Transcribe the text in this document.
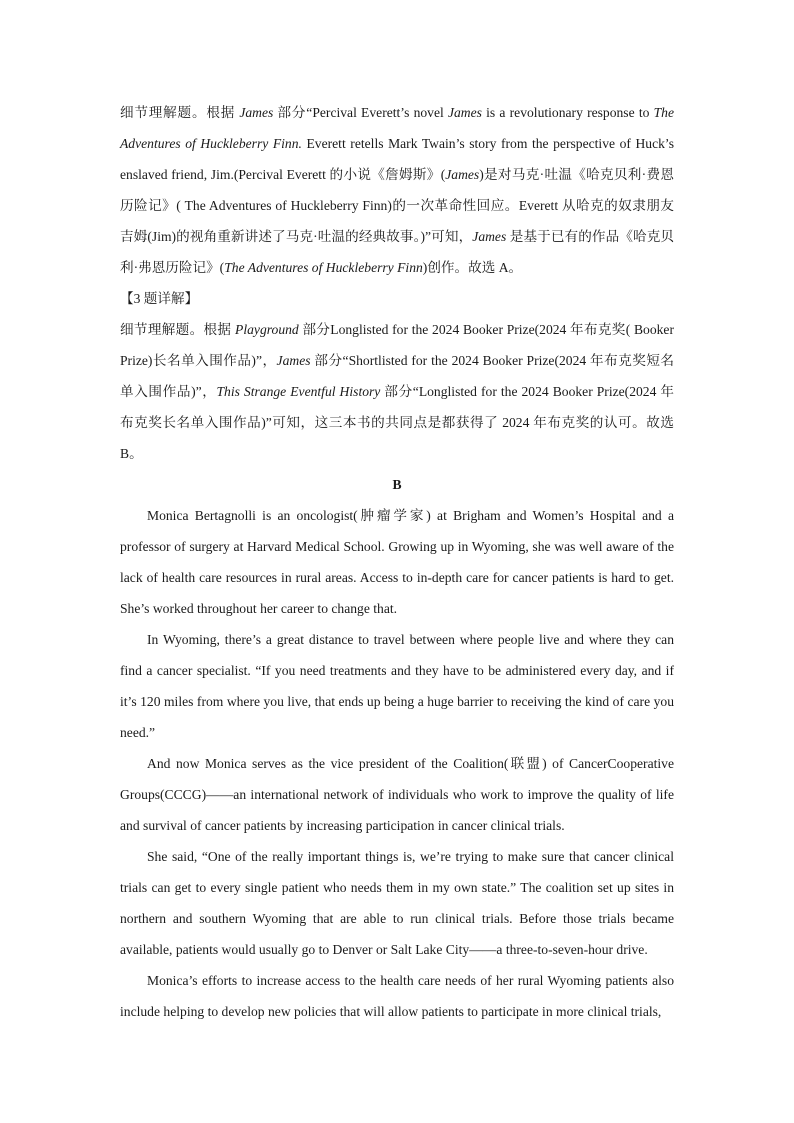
细节理解题。根据 James 部分“Percival Everett’s novel James is a revolutionary response to The Adventures of Huckleberry Finn. Everett retells Mark Twain’s story from the perspective of Huck’s enslaved friend, Jim.(Percival Everett 的小说《詹姆斯》(James)是对马克·吐温《哈克贝利·费恩历险记》( The Adventures of Huckleberry Finn)的一次革命性回应。Everett 从哈克的奴隶朋友吉姆(Jim)的视角重新讲述了马克·吐温的经典故事。)”可知，James 是基于已有的作品《哈克贝利·弗恩历险记》(The Adventures of Huckleberry Finn)创作。故选 A。

【3 题详解】

细节理解题。根据 Playground 部分Longlisted for the 2024 Booker Prize(2024 年布克奖( Booker Prize)长名单入围作品)”，James 部分“Shortlisted for the 2024 Booker Prize(2024 年布克奖短名单入围作品)”，This Strange Eventful History 部分“Longlisted for the 2024 Booker Prize(2024 年布克奖长名单入围作品)”可知，这三本书的共同点是都获得了 2024 年布克奖的认可。故选 B。

B

Monica Bertagnolli is an oncologist(肿瘤学家) at Brigham and Women’s Hospital and a professor of surgery at Harvard Medical School. Growing up in Wyoming, she was well aware of the lack of health care resources in rural areas. Access to in-depth care for cancer patients is hard to get. She’s worked throughout her career to change that.

In Wyoming, there’s a great distance to travel between where people live and where they can find a cancer specialist. “If you need treatments and they have to be administered every day, and if it’s 120 miles from where you live, that ends up being a huge barrier to receiving the kind of care you need.”

And now Monica serves as the vice president of the Coalition(联盟) of CancerCooperative Groups(CCCG)——an international network of individuals who work to improve the quality of life and survival of cancer patients by increasing participation in cancer clinical trials.

She said, “One of the really important things is, we’re trying to make sure that cancer clinical trials can get to every single patient who needs them in my own state.” The coalition set up sites in northern and southern Wyoming that are able to run clinical trials. Before those trials became available, patients would usually go to Denver or Salt Lake City——a three-to-seven-hour drive.

Monica’s efforts to increase access to the health care needs of her rural Wyoming patients also include helping to develop new policies that will allow patients to participate in more clinical trials,
